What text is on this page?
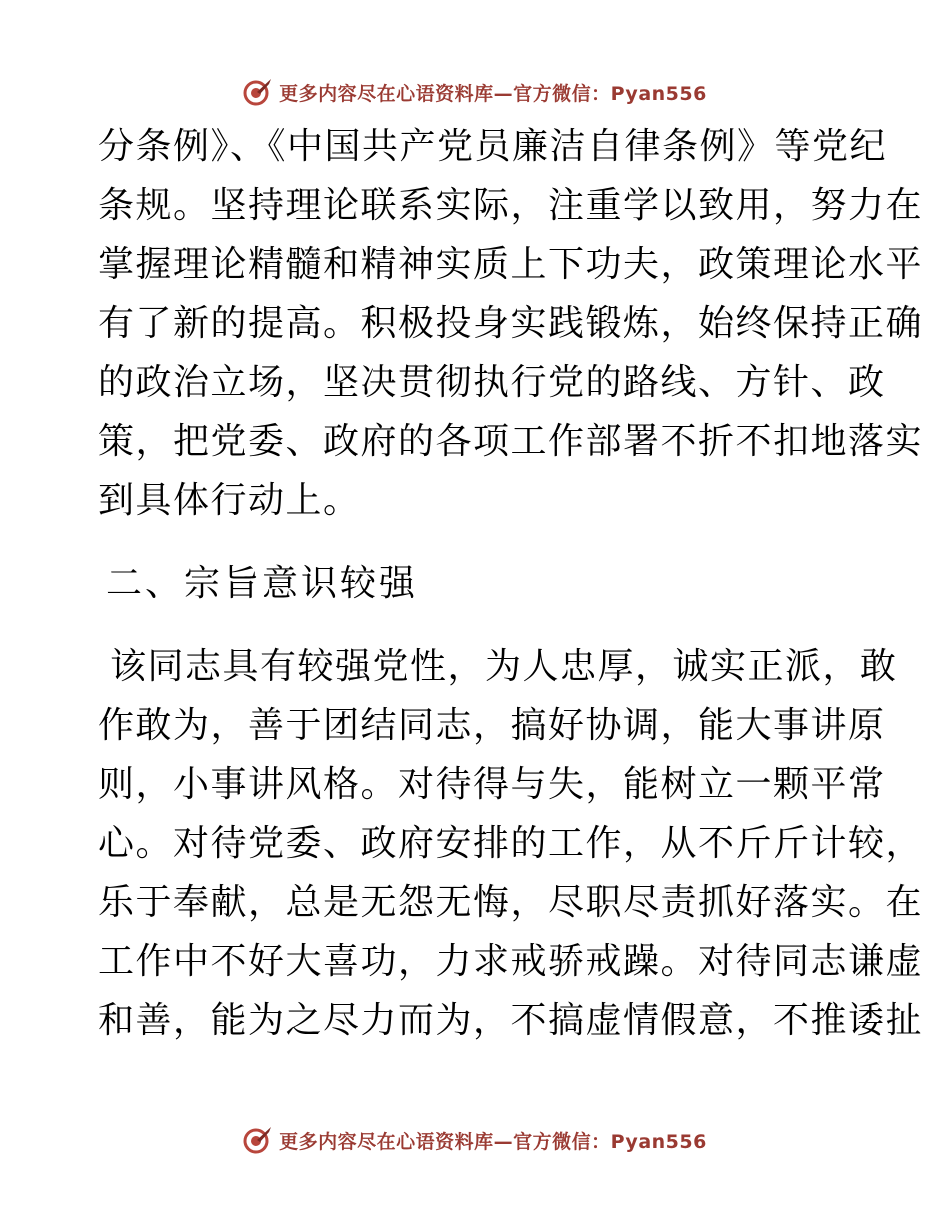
更多内容尽在心语资料库—官方微信：Pyan556
分条例》、《中国共产党员廉洁自律条例》等党纪
条规。坚持理论联系实际，注重学以致用，努力在
掌握理论精髓和精神实质上下功夫，政策理论水平
有了新的提高。积极投身实践锻炼，始终保持正确
的政治立场，坚决贯彻执行党的路线、方针、政
策，把党委、政府的各项工作部署不折不扣地落实
到具体行动上。
二、宗旨意识较强
该同志具有较强党性，为人忠厚，诚实正派，敢
作敢为，善于团结同志，搞好协调，能大事讲原
则，小事讲风格。对待得与失，能树立一颗平常
心。对待党委、政府安排的工作，从不斤斤计较，
乐于奉献，总是无怨无悔，尽职尽责抓好落实。在
工作中不好大喜功，力求戒骄戒躁。对待同志谦虚
和善，能为之尽力而为，不搞虚情假意，不推诿扯
更多内容尽在心语资料库—官方微信：Pyan556
